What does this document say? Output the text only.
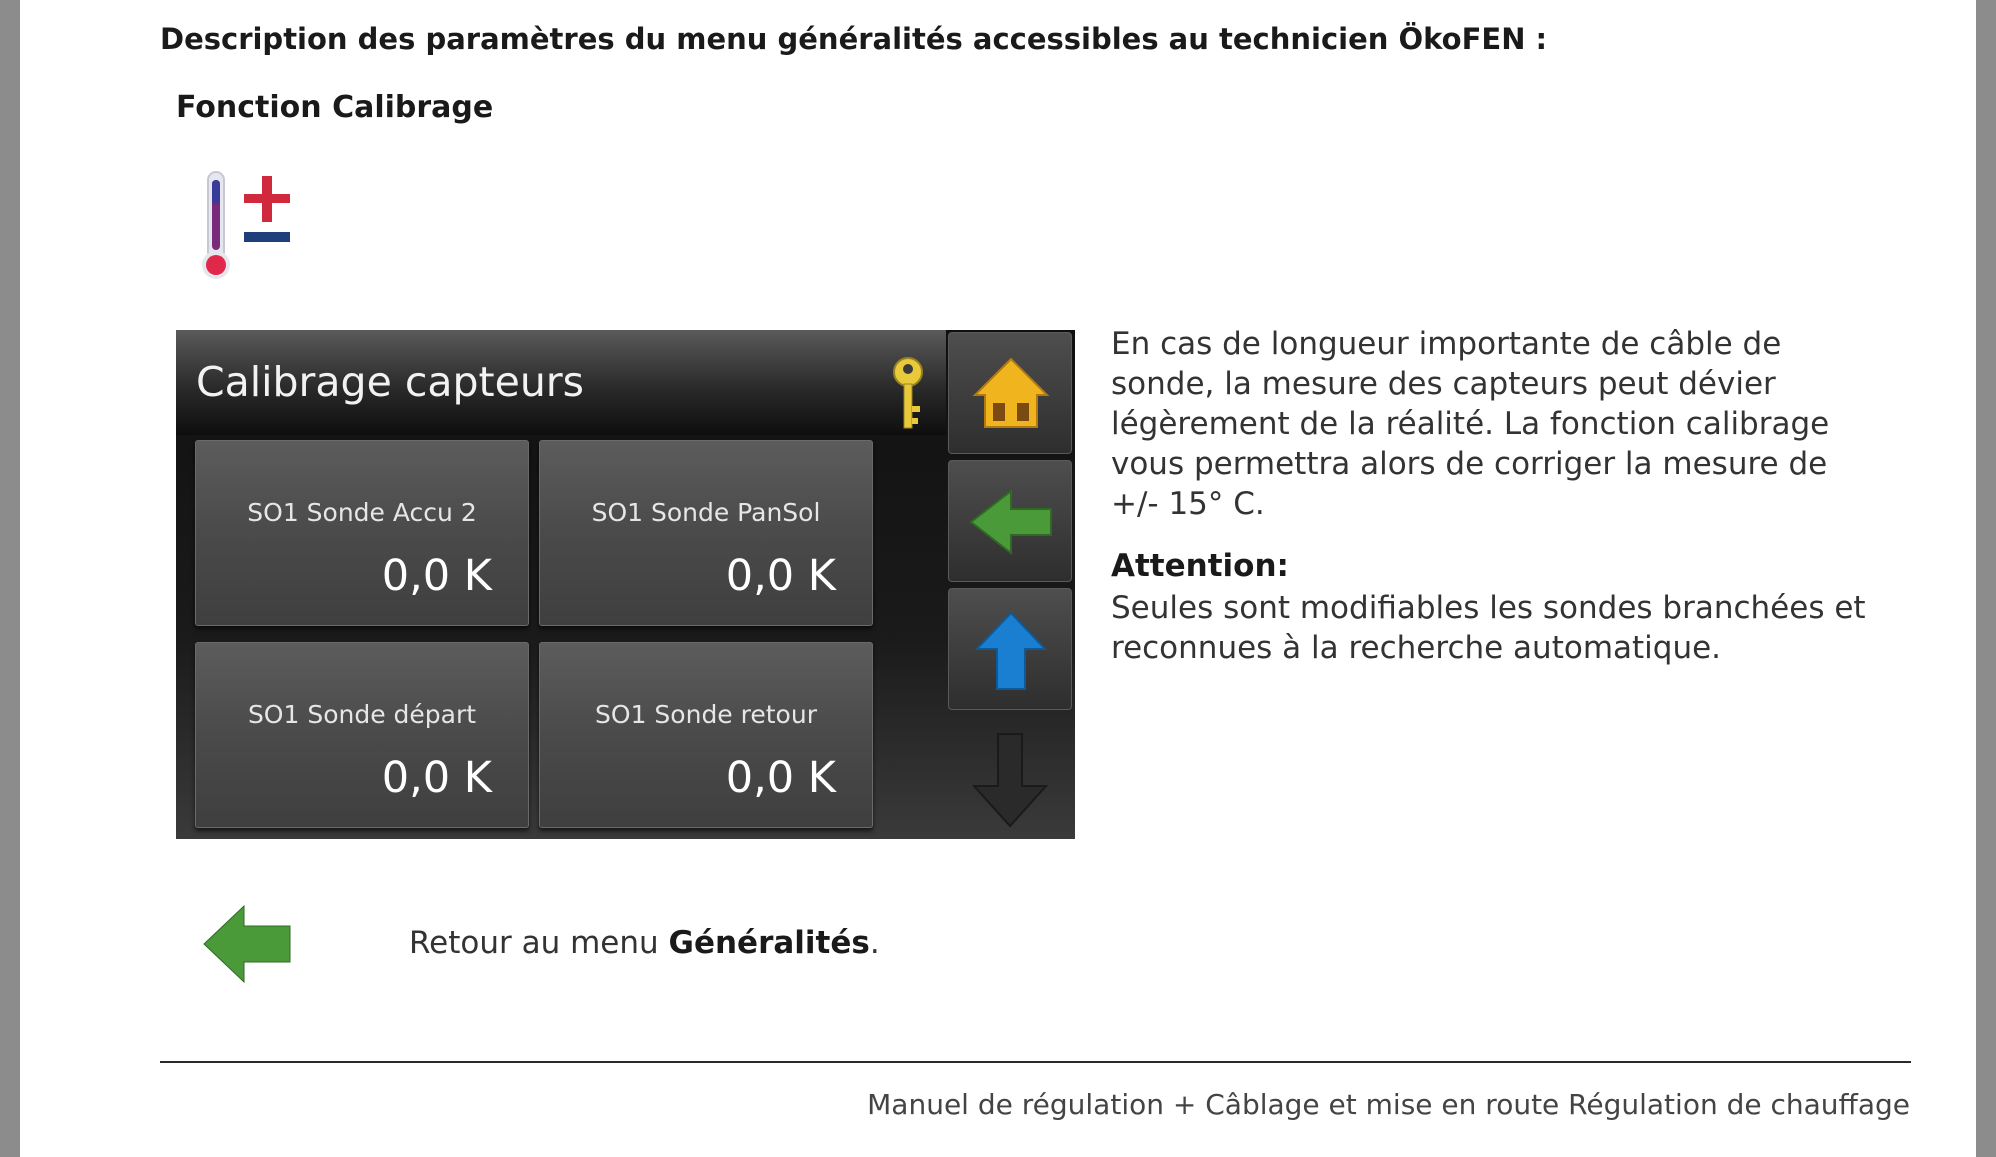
Description des paramètres du menu généralités accessibles au technicien ÖkoFEN :
Fonction Calibrage
Calibrage capteurs
SO1 Sonde Accu 2
0,0 K
SO1 Sonde PanSol
0,0 K
SO1 Sonde départ
0,0 K
SO1 Sonde retour
0,0 K
En cas de longueur importante de câble de sonde, la mesure des capteurs peut dévier légèrement de la réalité. La fonction calibrage vous permettra alors de corriger la mesure de +/- 15° C.
Attention:
Seules sont modifiables les sondes branchées et reconnues à la recherche automatique.
Retour au menu Généralités.
Manuel de régulation + Câblage et mise en route Régulation de chauffage
